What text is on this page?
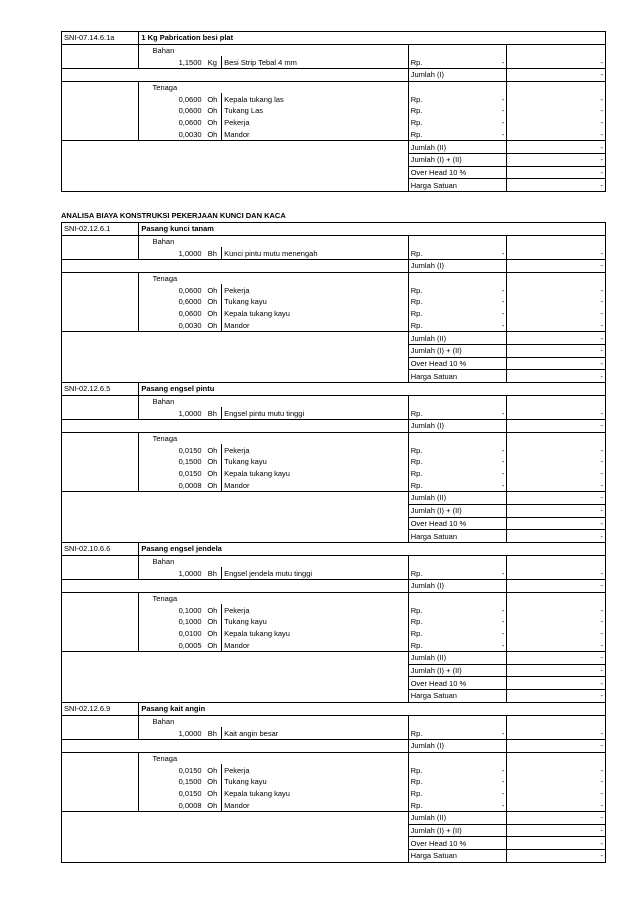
SNI-07.14.6.1a	1 Kg Pabrication besi plat					
		Bahan				
		1,1500	Kg	Besi Strip Tebal 4 mm	Rp. -	-
					Jumlah (I)	-
		Tenaga				
		0,0600	Oh	Kepala tukang las	Rp. -	-
		0,0600	Oh	Tukang Las	Rp. -	-
		0,0600	Oh	Pekerja	Rp. -	-
		0,0030	Oh	Mandor	Rp. -	-
					Jumlah (II)	-
					Jumlah (I) + (II)	-
					Over Head 10 %	-
					Harga Satuan	-
ANALISA BIAYA KONSTRUKSI PEKERJAAN KUNCI DAN KACA
SNI-02.12.6.1	Pasang kunci tanam					
		Bahan				
		1,0000	Bh	Kunci pintu mutu menengah	Rp. -	-
					Jumlah (I)	-
		Tenaga				
		0,0600	Oh	Pekerja	Rp. -	-
		0,6000	Oh	Tukang kayu	Rp. -	-
		0,0600	Oh	Kepala tukang kayu	Rp. -	-
		0,0030	Oh	Mandor	Rp. -	-
					Jumlah (II)	-
					Jumlah (I) + (II)	-
					Over Head 10 %	-
					Harga Satuan	-
SNI-02.12.6.5	Pasang engsel pintu					
		Bahan				
		1,0000	Bh	Engsel pintu mutu tinggi	Rp. -	-
					Jumlah (I)	-
		Tenaga				
		0,0150	Oh	Pekerja	Rp. -	-
		0,1500	Oh	Tukang kayu	Rp. -	-
		0,0150	Oh	Kepala tukang kayu	Rp. -	-
		0,0008	Oh	Mandor	Rp. -	-
					Jumlah (II)	-
					Jumlah (I) + (II)	-
					Over Head 10 %	-
					Harga Satuan	-
SNI-02.10.6.6	Pasang engsel jendela					
		Bahan				
		1,0000	Bh	Engsel jendela mutu tinggi	Rp. -	-
					Jumlah (I)	-
		Tenaga				
		0,1000	Oh	Pekerja	Rp. -	-
		0,1000	Oh	Tukang kayu	Rp. -	-
		0,0100	Oh	Kepala tukang kayu	Rp. -	-
		0,0005	Oh	Mandor	Rp. -	-
					Jumlah (II)	-
					Jumlah (I) + (II)	-
					Over Head 10 %	-
					Harga Satuan	-
SNI-02.12.6.9	Pasang kait angin					
		Bahan				
		1,0000	Bh	Kait angin besar	Rp. -	-
					Jumlah (I)	-
		Tenaga				
		0,0150	Oh	Pekerja	Rp. -	-
		0,1500	Oh	Tukang kayu	Rp. -	-
		0,0150	Oh	Kepala tukang kayu	Rp. -	-
		0,0008	Oh	Mandor	Rp. -	-
					Jumlah (II)	-
					Jumlah (I) + (II)	-
					Over Head 10 %	-
					Harga Satuan	-
